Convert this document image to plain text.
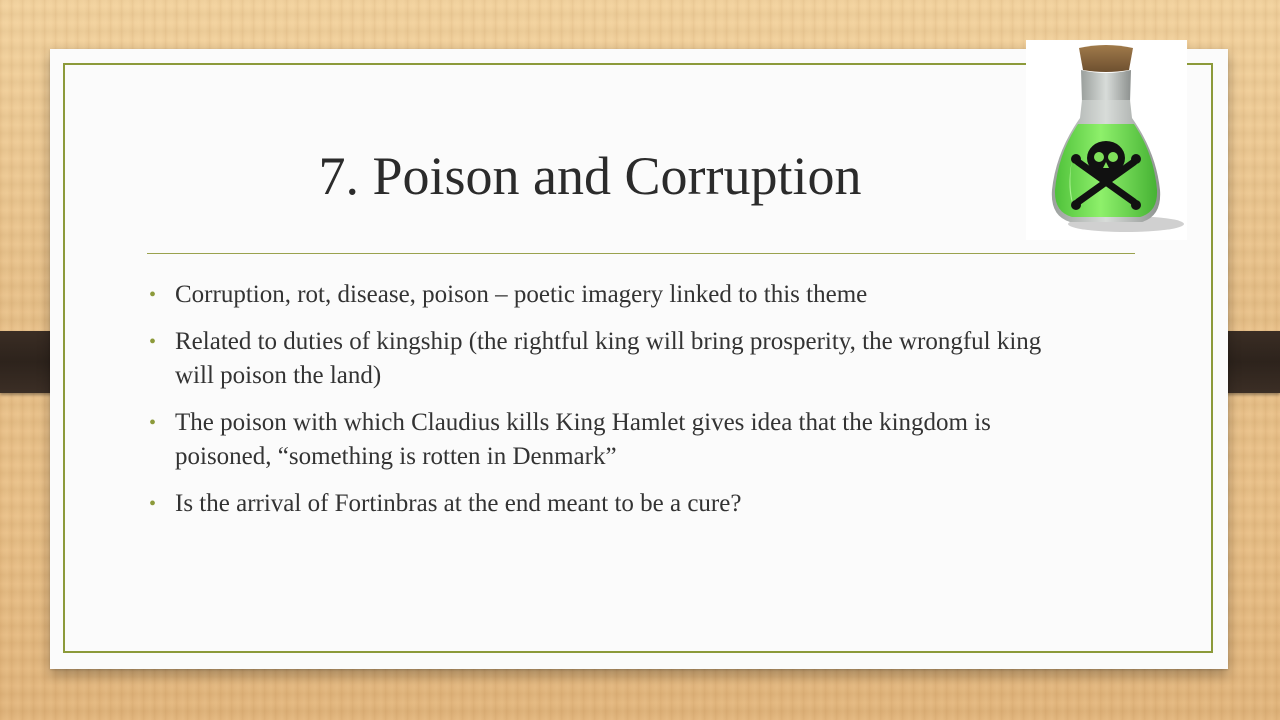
7. Poison and Corruption
• Corruption, rot, disease, poison – poetic imagery linked to this theme
• Related to duties of kingship (the rightful king will bring prosperity, the wrongful king will poison the land)
• The poison with which Claudius kills King Hamlet gives idea that the kingdom is poisoned, “something is rotten in Denmark”
• Is the arrival of Fortinbras at the end meant to be a cure?
